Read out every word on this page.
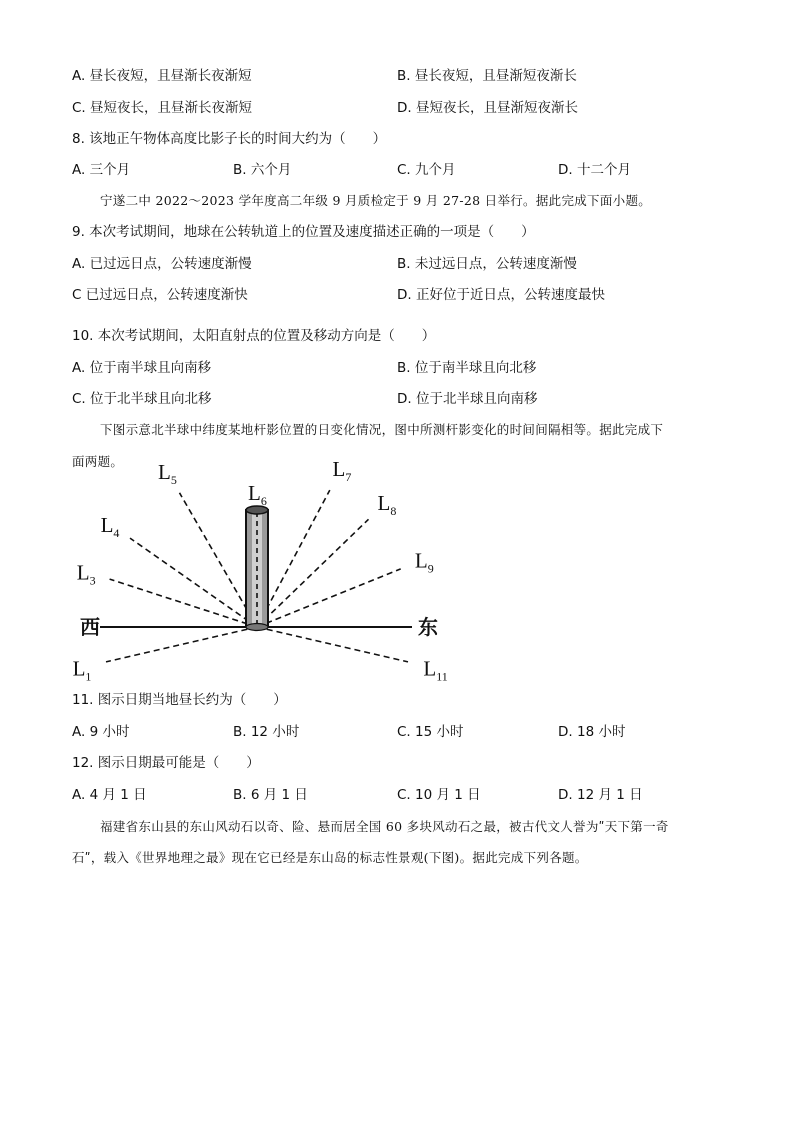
A. 昼长夜短，且昼渐长夜渐短	B. 昼长夜短，且昼渐短夜渐长
C. 昼短夜长，且昼渐长夜渐短	D. 昼短夜长，且昼渐短夜渐长
8. 该地正午物体高度比影子长的时间大约为（　　）
A. 三个月	B. 六个月	C. 九个月	D. 十二个月
宁遂二中 2022～2023 学年度高二年级 9 月质检定于 9 月 27-28 日举行。据此完成下面小题。
9. 本次考试期间，地球在公转轨道上的位置及速度描述正确的一项是（　　）
A. 已过远日点，公转速度渐慢	B. 未过远日点，公转速度渐慢
C 已过远日点，公转速度渐快	D. 正好位于近日点，公转速度最快
10. 本次考试期间，太阳直射点的位置及移动方向是（　　）
A. 位于南半球且向南移	B. 位于南半球且向北移
C. 位于北半球且向北移	D. 位于北半球且向南移
下图示意北半球中纬度某地杆影位置的日变化情况，图中所测杆影变化的时间间隔相等。据此完成下
面两题。
西	东
$L_1$
$L_3$
$L_4$
$L_5$
$L_6$
$L_7$
$L_8$
$L_9$
$L_{11}$
11. 图示日期当地昼长约为（　　）
A. 9 小时	B. 12 小时	C. 15 小时	D. 18 小时
12. 图示日期最可能是（　　）
A. 4 月 1 日	B. 6 月 1 日	C. 10 月 1 日	D. 12 月 1 日
福建省东山县的东山风动石以奇、险、悬而居全国 60 多块风动石之最，被古代文人誉为ʺ天下第一奇
石ʺ，载入《世界地理之最》现在它已经是东山岛的标志性景观(下图)。据此完成下列各题。
